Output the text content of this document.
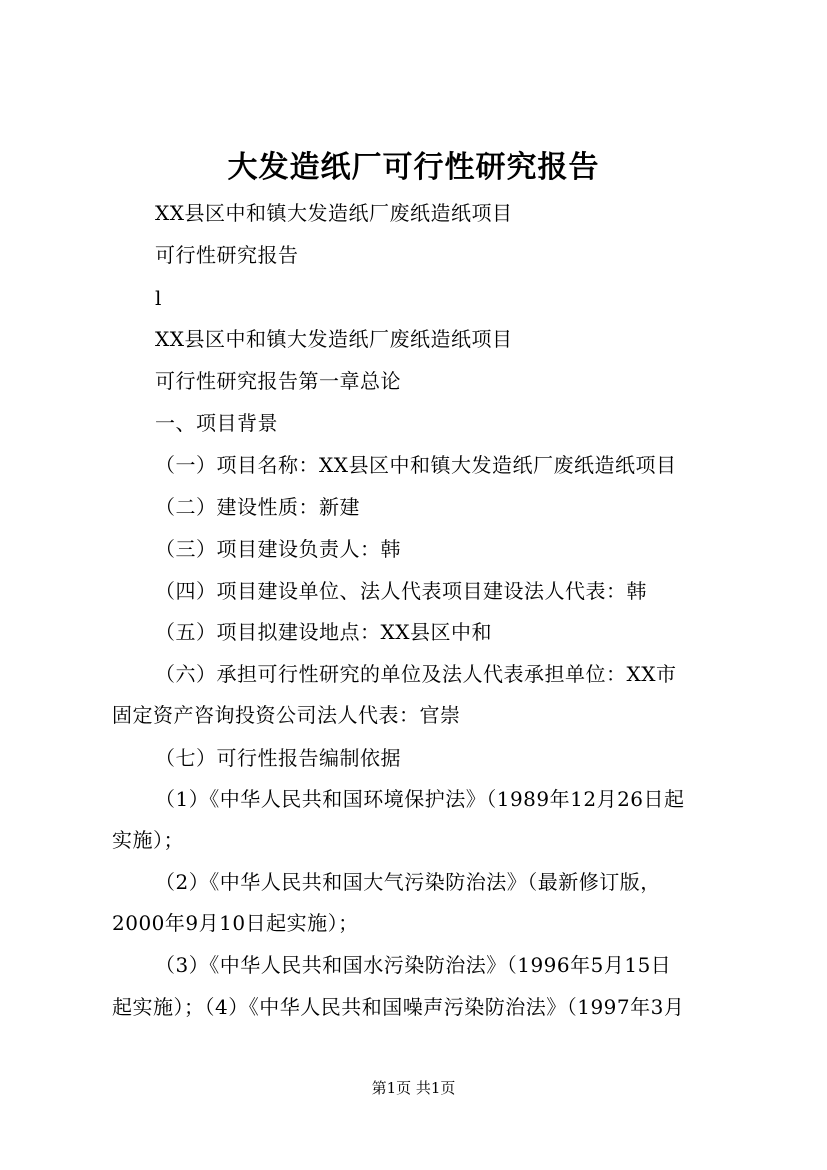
大发造纸厂可行性研究报告
XX县区中和镇大发造纸厂废纸造纸项目
可行性研究报告
l
XX县区中和镇大发造纸厂废纸造纸项目
可行性研究报告第一章总论
一、项目背景
（一）项目名称：XX县区中和镇大发造纸厂废纸造纸项目
（二）建设性质：新建
（三）项目建设负责人：韩
（四）项目建设单位、法人代表项目建设法人代表：韩
（五）项目拟建设地点：XX县区中和
（六）承担可行性研究的单位及法人代表承担单位：XX市
固定资产咨询投资公司法人代表：官崇
（七）可行性报告编制依据
（1）《中华人民共和国环境保护法》（1989年12月26日起
实施）；
（2）《中华人民共和国大气污染防治法》（最新修订版，
2000年9月10日起实施）；
（3）《中华人民共和国水污染防治法》（1996年5月15日
起实施）；（4）《中华人民共和国噪声污染防治法》（1997年3月
第1页 共1页
